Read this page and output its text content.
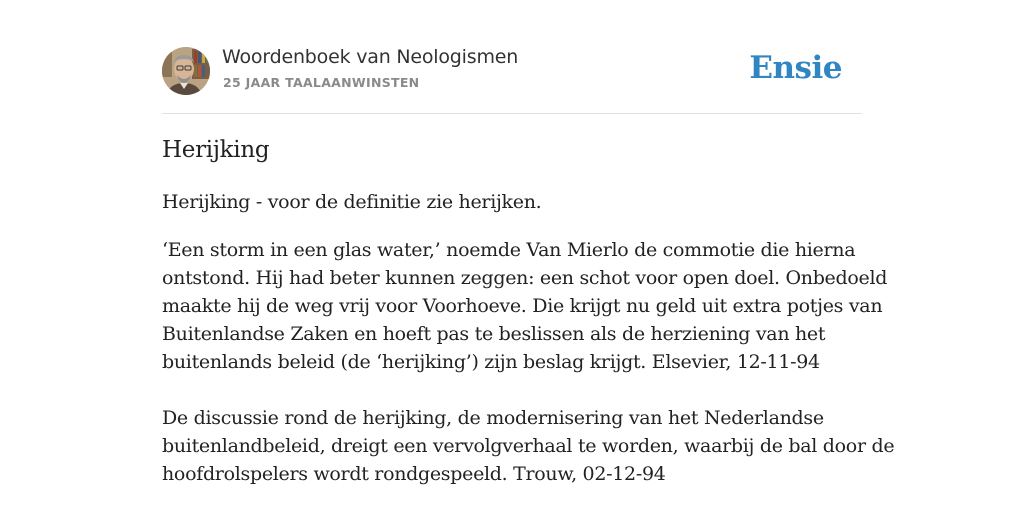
Woordenboek van Neologismen
25 JAAR TAALAANWINSTEN	Ensie
Herijking

Herijking - voor de definitie zie herijken.

‘Een storm in een glas water,’ noemde Van Mierlo de commotie die hierna
ontstond. Hij had beter kunnen zeggen: een schot voor open doel. Onbedoeld
maakte hij de weg vrij voor Voorhoeve. Die krijgt nu geld uit extra potjes van
Buitenlandse Zaken en hoeft pas te beslissen als de herziening van het
buitenlands beleid (de ‘herijking’) zijn beslag krijgt. Elsevier, 12-11-94

De discussie rond de herijking, de modernisering van het Nederlandse
buitenlandbeleid, dreigt een vervolgverhaal te worden, waarbij de bal door de
hoofdrolspelers wordt rondgespeeld. Trouw, 02-12-94
